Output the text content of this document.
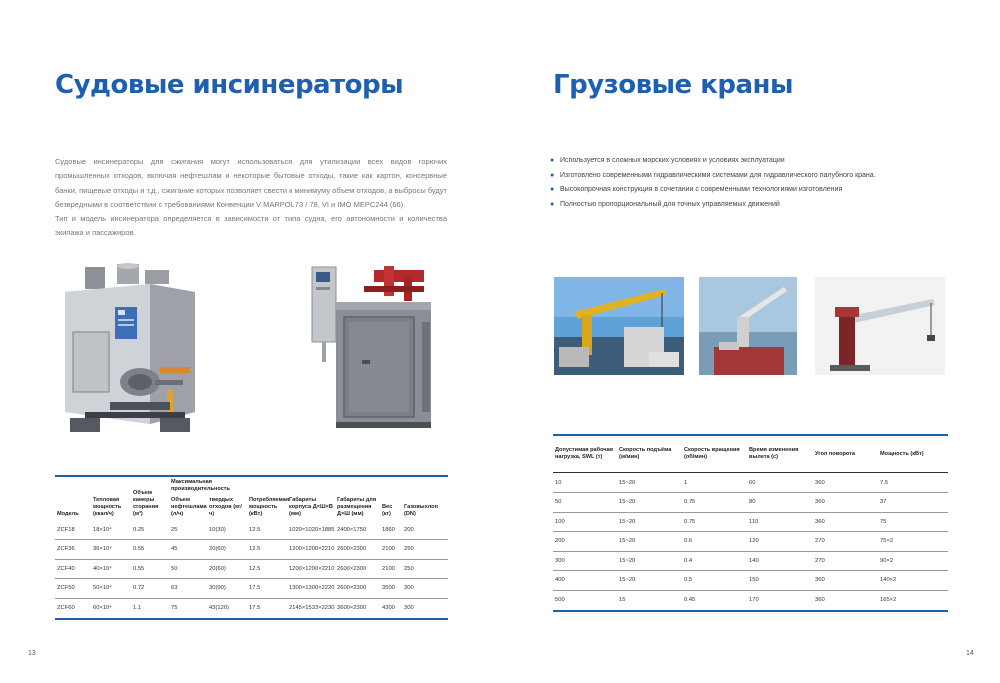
Судовые инсинераторы

Судовые инсинераторы для сжигания могут использоваться для утилизации всех видов горючих промышленных отходов, включая нефтешлам и некоторые бытовые отходы, такие как картон, консервные банки, пищевые отходы и т.д., сжигание которых позволяет свести к минимуму объем отходов, а выбросы будут безвредными в соответствии с требованиями Конвенции V MARPOL73 / 78, VI и IMO MEPC244 (66).

Тип и модель инсинератора определяется в зависимости от типа судна, его автономности и количества экипажа и пассажиров.

Модель	Тепловая мощность (ккал/ч)	Объем камеры сгорания (м³)	Максимальная производительность		Потребляемая мощность (кВт)	Габариты корпуса Д×Ш×В (мм)	Габариты для размещения Д×Ш (мм)	Вес (кг)	Газовыхлоп (DN)
			Объем нефтешлама (л/ч)	твердых отходов (кг/ч)					
ZCF18	18×10⁴	0.25	25	10(30)	12.5	1020×1020×1885	2400×1750	1860	200
ZCF36	36×10⁴	0.55	45	20(60)	12.5	1200×1200×2210	2600×2300	2100	250
ZCF40	40×10⁴	0.55	50	20(60)	12.5	1200×1200×2210	2600×2300	2100	250
ZCF50	50×10⁴	0.72	63	30(90)	17.5	1300×1300×2220	2600×2300	3500	300
ZCF60	60×10⁴	1.1	75	43(120)	17.5	2145×1533×2230	3600×2300	4300	300
13
Грузовые краны
● Используется в сложных морских условиях и условиях эксплуатации
● Изготовлено современными гидравлическими системами для гидравлического палубного крана.
● Высокопрочная конструкция в сочетании с современными технологиями изготовления
● Полностью пропорциональный для точных управляемых движений
Допустимая рабочая нагрузка, SWL (т)	Скорость подъёма (м/мин)	Скорость вращения (об/мин)	Время изменения вылета (с)	Угол поворота	Мощность (кВт)
10	15~20	1	60	360	7.5
50	15~20	0.75	80	360	37
100	15~20	0.75	110	360	75
200	15~20	0.6	120	270	75×2
300	15~20	0.4	140	270	90×2
400	15~20	0.5	150	360	140×2
500	15	0.45	170	360	165×2
14
